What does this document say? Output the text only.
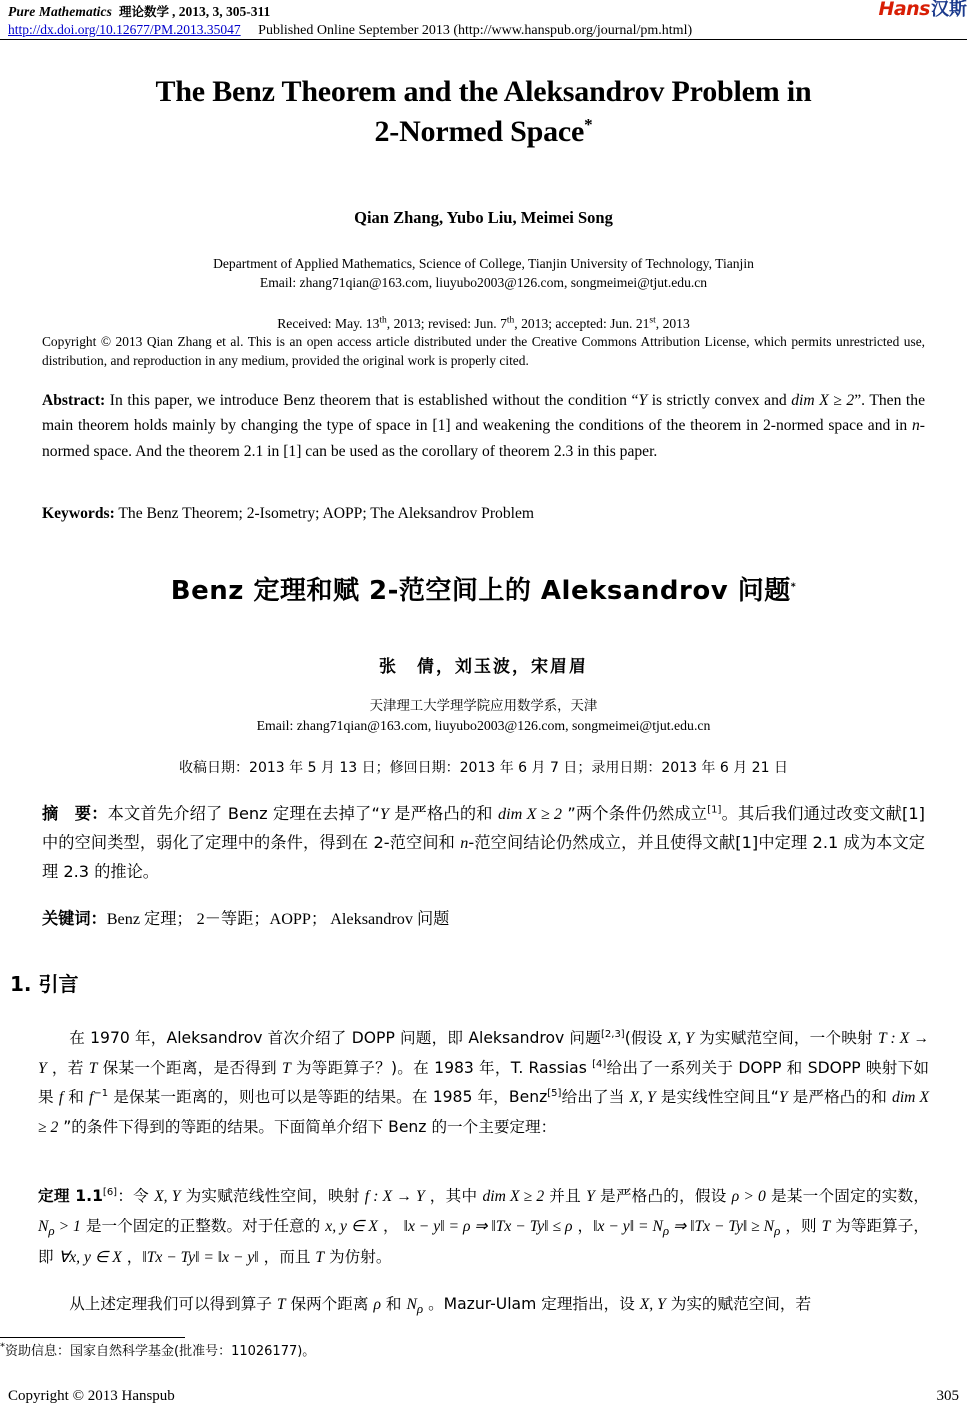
Pure Mathematics 理论数学 , 2013, 3, 305-311
http://dx.doi.org/10.12677/PM.2013.35047 Published Online September 2013 (http://www.hanspub.org/journal/pm.html)
Hans汉斯
The Benz Theorem and the Aleksandrov Problem in
2-Normed Space*
Qian Zhang, Yubo Liu, Meimei Song
Department of Applied Mathematics, Science of College, Tianjin University of Technology, Tianjin
Email: zhang71qian@163.com, liuyubo2003@126.com, songmeimei@tjut.edu.cn
Received: May. 13th, 2013; revised: Jun. 7th, 2013; accepted: Jun. 21st, 2013
Copyright © 2013 Qian Zhang et al. This is an open access article distributed under the Creative Commons Attribution License, which permits unrestricted use, distribution, and reproduction in any medium, provided the original work is properly cited.
Abstract: In this paper, we introduce Benz theorem that is established without the condition “Y is strictly convex and dim X ≥ 2”. Then the main theorem holds mainly by changing the type of space in [1] and weakening the conditions of the theorem in 2-normed space and in n-normed space. And the theorem 2.1 in [1] can be used as the corollary of theorem 2.3 in this paper.
Keywords: The Benz Theorem; 2-Isometry; AOPP; The Aleksandrov Problem
Benz 定理和赋 2-范空间上的 Aleksandrov 问题*
张　倩，刘玉波，宋眉眉
天津理工大学理学院应用数学系，天津
Email: zhang71qian@163.com, liuyubo2003@126.com, songmeimei@tjut.edu.cn
收稿日期：2013 年 5 月 13 日；修回日期：2013 年 6 月 7 日；录用日期：2013 年 6 月 21 日
摘　要：本文首先介绍了 Benz 定理在去掉了“Y 是严格凸的和 dim X ≥ 2 ”两个条件仍然成立[1]。其后我们通过改变文献[1]中的空间类型，弱化了定理中的条件，得到在 2-范空间和 n-范空间结论仍然成立，并且使得文献[1]中定理 2.1 成为本文定理 2.3 的推论。
关键词：Benz 定理； 2－等距；AOPP； Aleksandrov 问题
1. 引言

在 1970 年，Aleksandrov 首次介绍了 DOPP 问题，即 Aleksandrov 问题[2,3](假设 X, Y 为实赋范空间，一个映射 T : X → Y ，若 T 保某一个距离，是否得到 T 为等距算子？)。在 1983 年，T. Rassias [4]给出了一系列关于 DOPP 和 SDOPP 映射下如果 f 和 f$^{-1}$ 是保某一距离的，则也可以是等距的结果。在 1985 年，Benz[5]给出了当 X, Y 是实线性空间且“Y 是严格凸的和 dim X ≥ 2 ”的条件下得到的等距的结果。下面简单介绍下 Benz 的一个主要定理：

定理 1.1[6]：令 X, Y 为实赋范线性空间，映射 f : X → Y ，其中 dim X ≥ 2 并且 Y 是严格凸的，假设 ρ > 0 是某一个固定的实数， $N_\rho > 1$ 是一个固定的正整数。对于任意的 x, y ∈ X ， ‖x − y‖ = ρ ⇒ ‖Tx − Ty‖ ≤ ρ ，‖x − y‖ = $N_\rho$ ⇒ ‖Tx − Ty‖ ≥ $N_\rho$ ，则 T 为等距算子，即 ∀x, y ∈ X ，‖Tx − Ty‖ = ‖x − y‖ ，而且 T 为仿射。

从上述定理我们可以得到算子 T 保两个距离 ρ 和 $N_\rho$ 。Mazur-Ulam 定理指出，设 X, Y 为实的赋范空间，若
*资助信息：国家自然科学基金(批准号：11026177)。
Copyright © 2013 Hanspub	305
